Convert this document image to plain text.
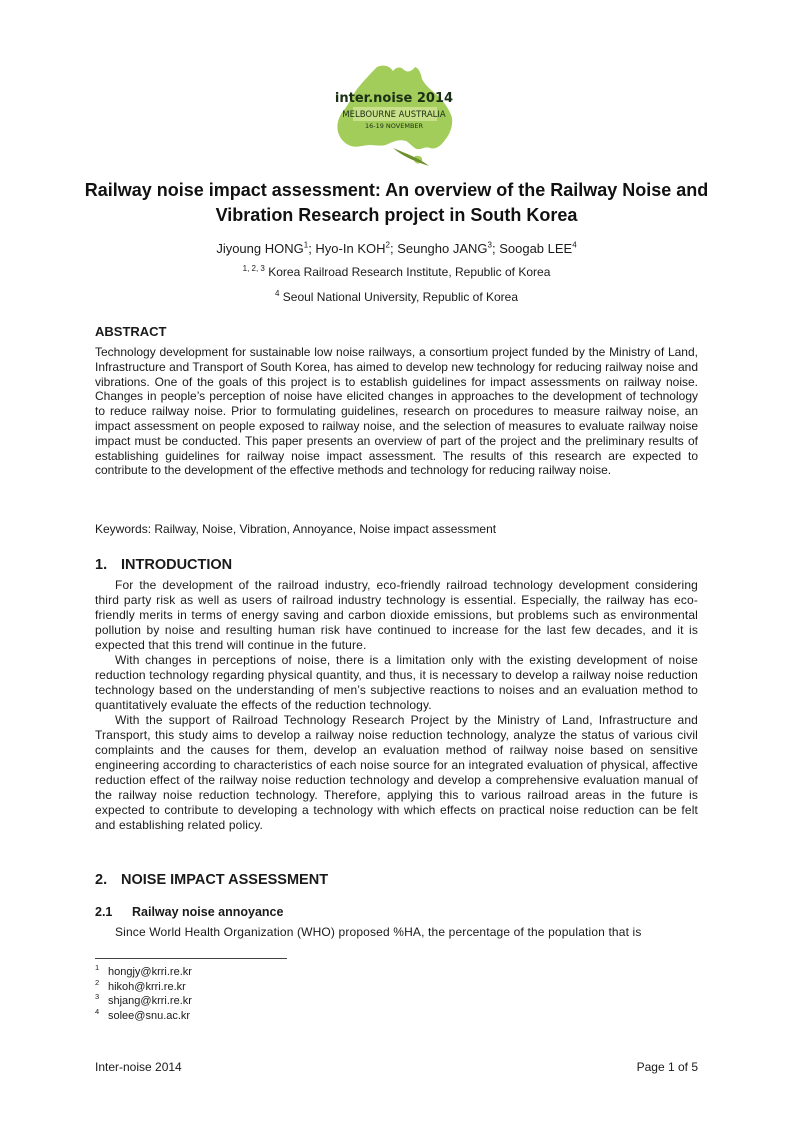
inter.noise 2014
MELBOURNE AUSTRALIA
16-19 NOVEMBER
Railway noise impact assessment: An overview of the Railway Noise and Vibration Research project in South Korea
Jiyoung HONG$^1$; Hyo-In KOH$^2$; Seungho JANG$^3$; Soogab LEE$^4$
$^{1, 2, 3}$ Korea Railroad Research Institute, Republic of Korea
$^4$ Seoul National University, Republic of Korea
ABSTRACT

Technology development for sustainable low noise railways, a consortium project funded by the Ministry of Land, Infrastructure and Transport of South Korea, has aimed to develop new technology for reducing railway noise and vibrations. One of the goals of this project is to establish guidelines for impact assessments on railway noise. Changes in people’s perception of noise have elicited changes in approaches to the development of technology to reduce railway noise. Prior to formulating guidelines, research on procedures to measure railway noise, an impact assessment on people exposed to railway noise, and the selection of measures to evaluate railway noise impact must be conducted. This paper presents an overview of part of the project and the preliminary results of establishing guidelines for railway noise impact assessment. The results of this research are expected to contribute to the development of the effective methods and technology for reducing railway noise.

Keywords: Railway, Noise, Vibration, Annoyance, Noise impact assessment

1. INTRODUCTION

For the development of the railroad industry, eco-friendly railroad technology development considering third party risk as well as users of railroad industry technology is essential. Especially, the railway has eco-friendly merits in terms of energy saving and carbon dioxide emissions, but problems such as environmental pollution by noise and resulting human risk have continued to increase for the last few decades, and it is expected that this trend will continue in the future.

With changes in perceptions of noise, there is a limitation only with the existing development of noise reduction technology regarding physical quantity, and thus, it is necessary to develop a railway noise reduction technology based on the understanding of men’s subjective reactions to noises and an evaluation method to quantitatively evaluate the effects of the reduction technology.

With the support of Railroad Technology Research Project by the Ministry of Land, Infrastructure and Transport, this study aims to develop a railway noise reduction technology, analyze the status of various civil complaints and the causes for them, develop an evaluation method of railway noise based on sensitive engineering according to characteristics of each noise source for an integrated evaluation of physical, affective reduction effect of the railway noise reduction technology and develop a comprehensive evaluation manual of the railway noise reduction technology. Therefore, applying this to various railroad areas in the future is expected to contribute to developing a technology with which effects on practical noise reduction can be felt and establishing related policy.

2. NOISE IMPACT ASSESSMENT
2.1 Railway noise annoyance

Since World Health Organization (WHO) proposed %HA, the percentage of the population that is

$^1$ hongjy@krri.re.kr
$^2$ hikoh@krri.re.kr
$^3$ shjang@krri.re.kr
$^4$ solee@snu.ac.kr
Inter-noise 2014	Page 1 of 5
